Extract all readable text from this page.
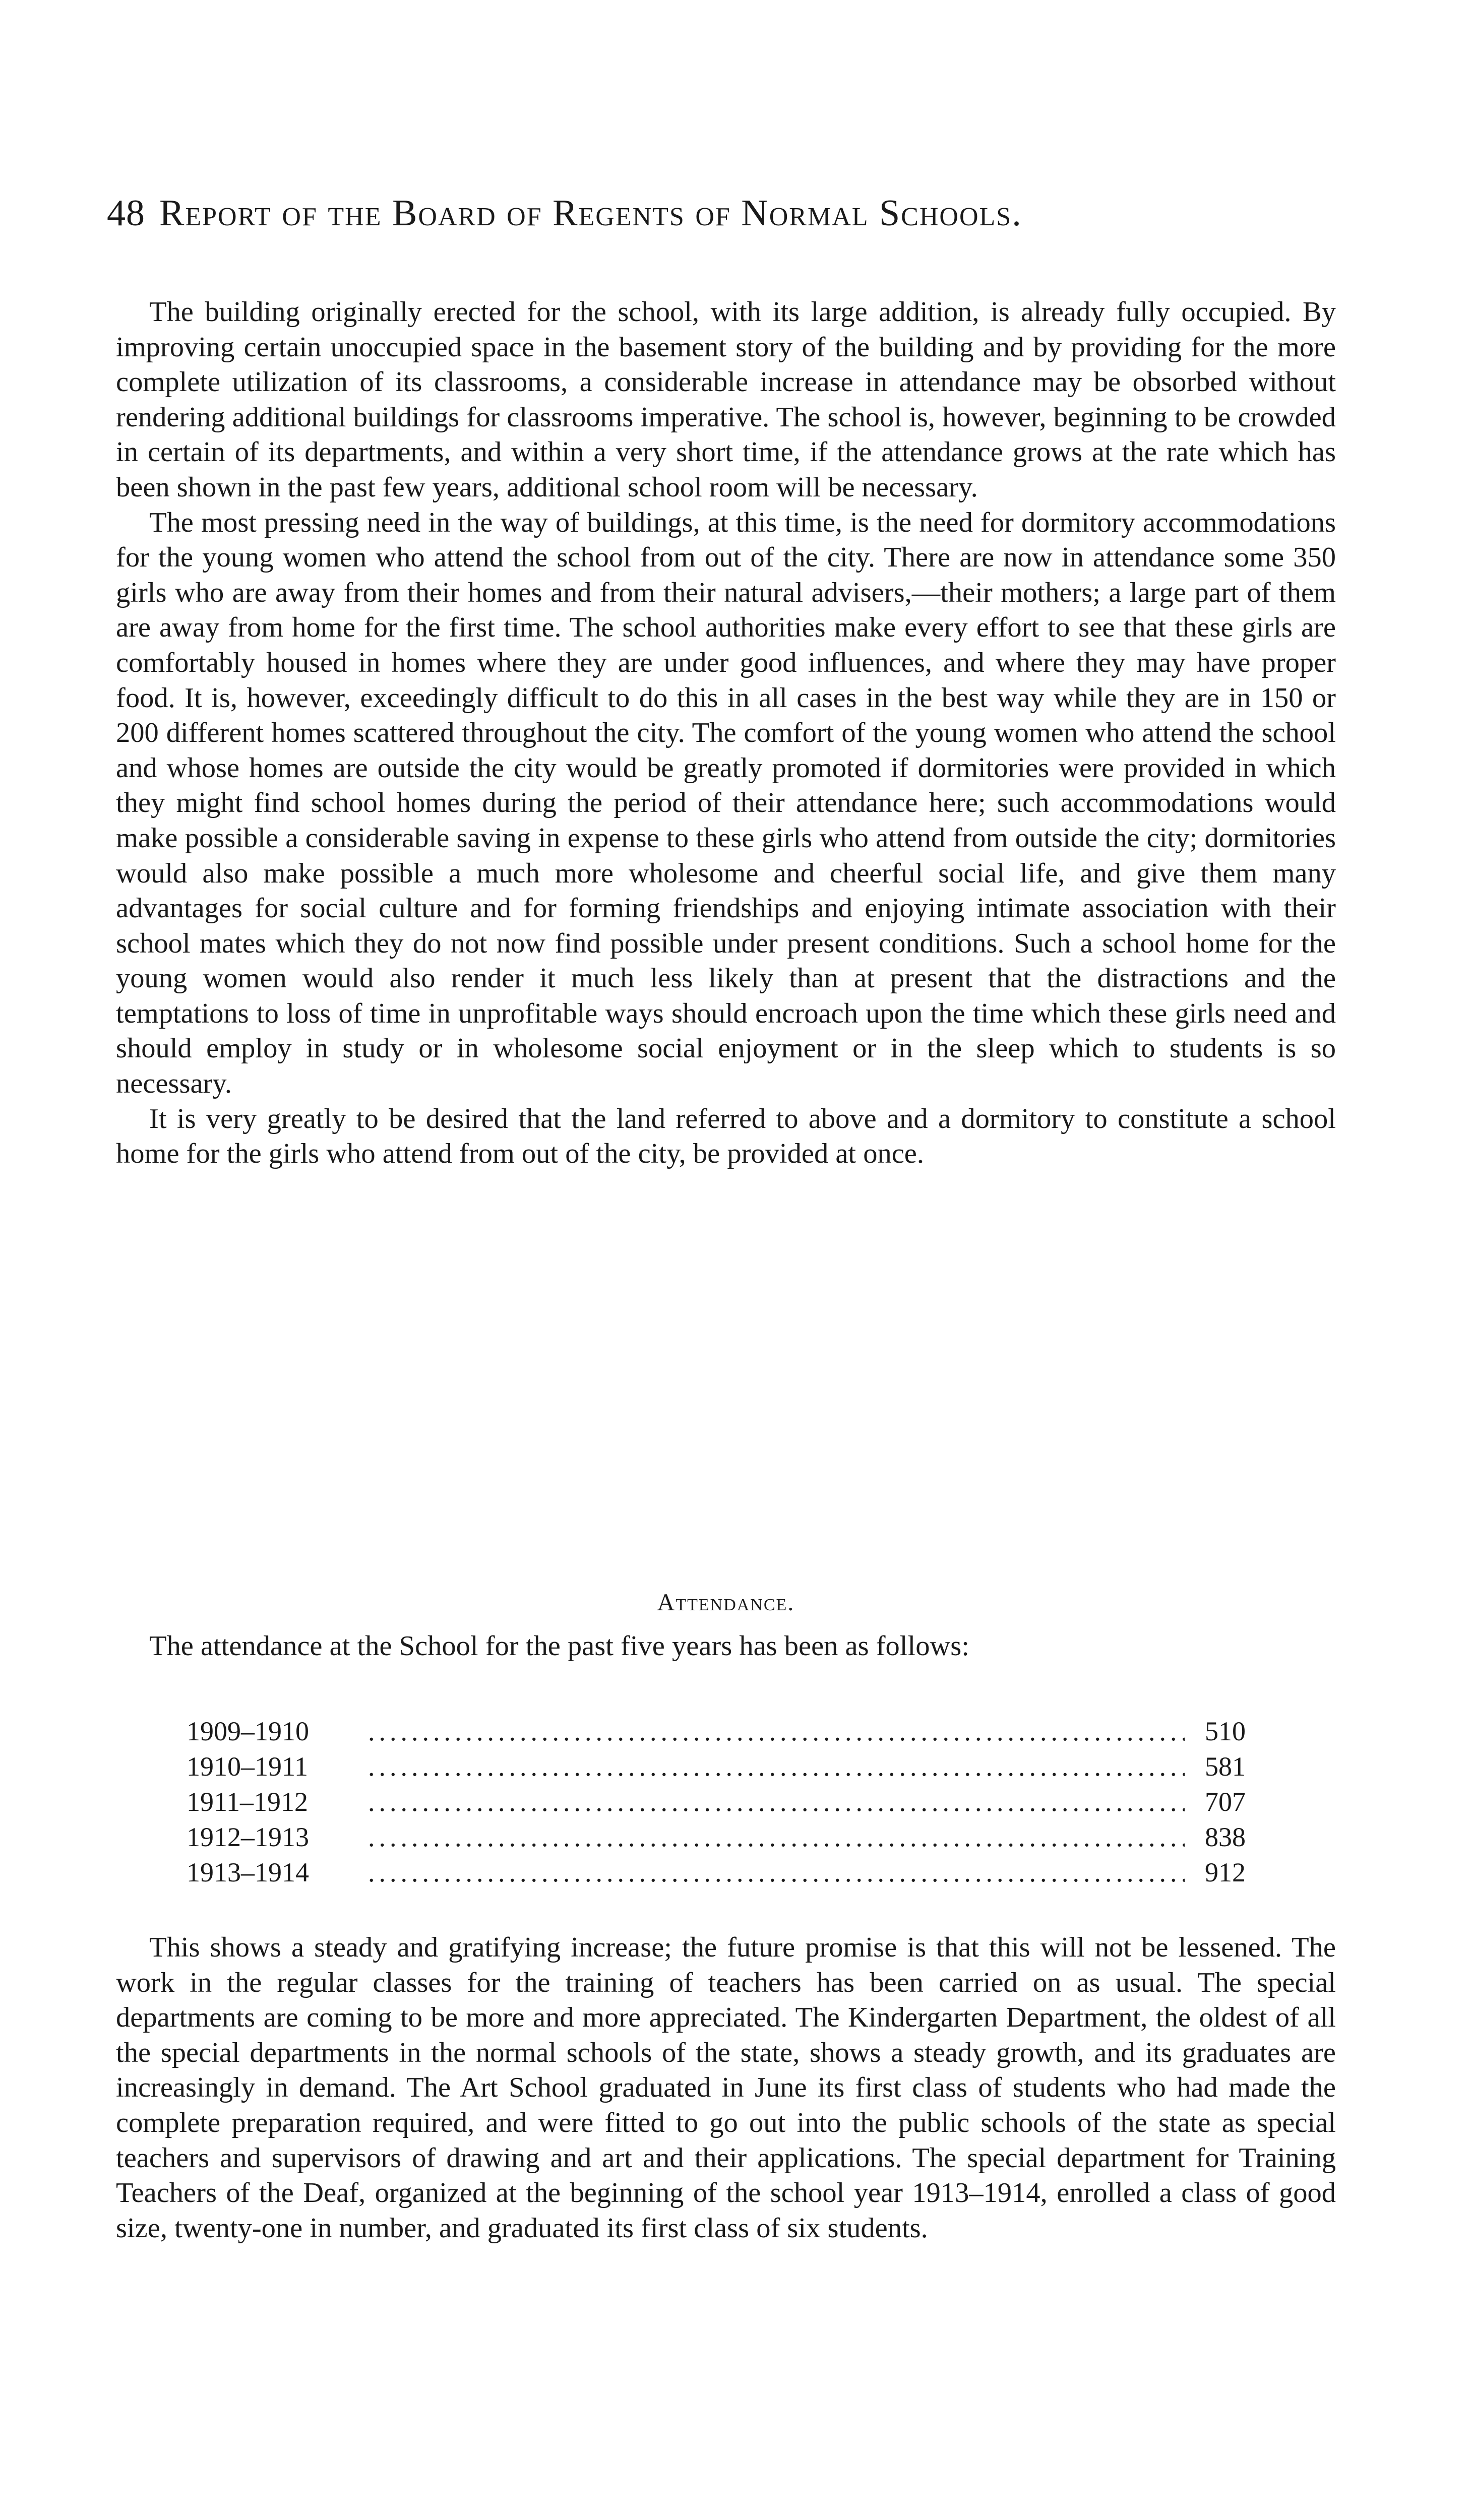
48 Report of the Board of Regents of Normal Schools.

The building originally erected for the school, with its large addition, is already fully occupied. By improving certain unoccupied space in the basement story of the building and by providing for the more complete utilization of its classrooms, a considerable increase in attendance may be obsorbed without rendering additional buildings for classrooms imperative. The school is, however, beginning to be crowded in certain of its departments, and within a very short time, if the attendance grows at the rate which has been shown in the past few years, additional school room will be necessary.

The most pressing need in the way of buildings, at this time, is the need for dormitory accommodations for the young women who attend the school from out of the city. There are now in attendance some 350 girls who are away from their homes and from their natural advisers,—their mothers; a large part of them are away from home for the first time. The school authorities make every effort to see that these girls are comfortably housed in homes where they are under good influences, and where they may have proper food. It is, however, exceedingly difficult to do this in all cases in the best way while they are in 150 or 200 different homes scattered throughout the city. The comfort of the young women who attend the school and whose homes are outside the city would be greatly promoted if dormitories were provided in which they might find school homes during the period of their attendance here; such accommodations would make possible a considerable saving in expense to these girls who attend from outside the city; dormitories would also make possible a much more wholesome and cheerful social life, and give them many advantages for social culture and for forming friendships and enjoying intimate association with their school mates which they do not now find possible under present conditions. Such a school home for the young women would also render it much less likely than at present that the distractions and the temptations to loss of time in unprofitable ways should encroach upon the time which these girls need and should employ in study or in wholesome social enjoyment or in the sleep which to students is so necessary.

It is very greatly to be desired that the land referred to above and a dormitory to constitute a school home for the girls who attend from out of the city, be provided at once.

Attendance.

The attendance at the School for the past five years has been as follows:

1909–1910 .....	510
1910–1911 .....	581
1911–1912 .....	707
1912–1913 .....	838
1913–1914 .....	912

This shows a steady and gratifying increase; the future promise is that this will not be lessened. The work in the regular classes for the training of teachers has been carried on as usual. The special departments are coming to be more and more appreciated. The Kindergarten Department, the oldest of all the special departments in the normal schools of the state, shows a steady growth, and its graduates are increasingly in demand. The Art School graduated in June its first class of students who had made the complete preparation required, and were fitted to go out into the public schools of the state as special teachers and supervisors of drawing and art and their applications. The special department for Training Teachers of the Deaf, organized at the beginning of the school year 1913–1914, enrolled a class of good size, twenty-one in number, and graduated its first class of six students.
